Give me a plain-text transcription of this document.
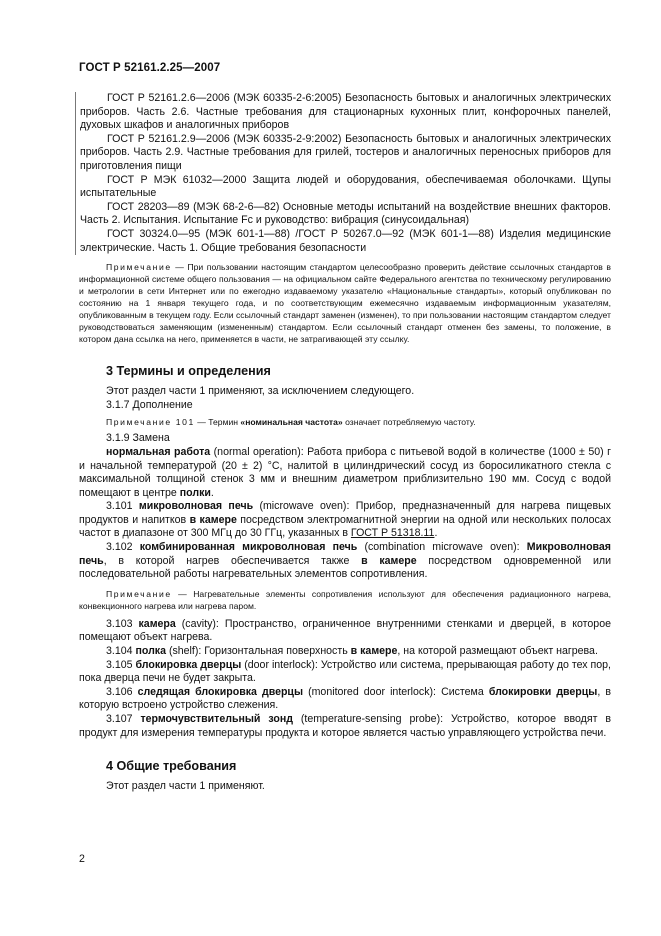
ГОСТ Р 52161.2.25—2007

ГОСТ Р 52161.2.6—2006 (МЭК 60335-2-6:2005) Безопасность бытовых и аналогичных электрических приборов. Часть 2.6. Частные требования для стационарных кухонных плит, конфорочных панелей, духовых шкафов и аналогичных приборов

ГОСТ Р 52161.2.9—2006 (МЭК 60335-2-9:2002) Безопасность бытовых и аналогичных электрических приборов. Часть 2.9. Частные требования для грилей, тостеров и аналогичных переносных приборов для приготовления пищи

ГОСТ Р МЭК 61032—2000 Защита людей и оборудования, обеспечиваемая оболочками. Щупы испытательные

ГОСТ 28203—89 (МЭК 68-2-6—82) Основные методы испытаний на воздействие внешних факторов. Часть 2. Испытания. Испытание Fc и руководство: вибрация (синусоидальная)

ГОСТ 30324.0—95 (МЭК 601-1—88) /ГОСТ Р 50267.0—92 (МЭК 601-1—88) Изделия медицинские электрические. Часть 1. Общие требования безопасности

Примечание — При пользовании настоящим стандартом целесообразно проверить действие ссылочных стандартов в информационной системе общего пользования — на официальном сайте Федерального агентства по техническому регулированию и метрологии в сети Интернет или по ежегодно издаваемому указателю «Национальные стандарты», который опубликован по состоянию на 1 января текущего года, и по соответствующим ежемесячно издаваемым информационным указателям, опубликованным в текущем году. Если ссылочный стандарт заменен (изменен), то при пользовании настоящим стандартом следует руководствоваться заменяющим (измененным) стандартом. Если ссылочный стандарт отменен без замены, то положение, в котором дана ссылка на него, применяется в части, не затрагивающей эту ссылку.

3 Термины и определения

Этот раздел части 1 применяют, за исключением следующего.

3.1.7 Дополнение

Примечание 101 — Термин «номинальная частота» означает потребляемую частоту.

3.1.9 Замена

нормальная работа (normal operation): Работа прибора с питьевой водой в количестве (1000 ± 50) г и начальной температурой (20 ± 2) °С, налитой в цилиндрический сосуд из боросиликатного стекла с максимальной толщиной стенок 3 мм и внешним диаметром приблизительно 190 мм. Сосуд с водой помещают в центре полки.

3.101 микроволновая печь (microwave oven): Прибор, предназначенный для нагрева пищевых продуктов и напитков в камере посредством электромагнитной энергии на одной или нескольких полосах частот в диапазоне от 300 МГц до 30 ГГц, указанных в ГОСТ Р 51318.11.

3.102 комбинированная микроволновая печь (combination microwave oven): Микроволновая печь, в которой нагрев обеспечивается также в камере посредством одновременной или последовательной работы нагревательных элементов сопротивления.

Примечание — Нагревательные элементы сопротивления используют для обеспечения радиационного нагрева, конвекционного нагрева или нагрева паром.

3.103 камера (cavity): Пространство, ограниченное внутренними стенками и дверцей, в которое помещают объект нагрева.

3.104 полка (shelf): Горизонтальная поверхность в камере, на которой размещают объект нагрева.

3.105 блокировка дверцы (door interlock): Устройство или система, прерывающая работу до тех пор, пока дверца печи не будет закрыта.

3.106 следящая блокировка дверцы (monitored door interlock): Система блокировки дверцы, в которую встроено устройство слежения.

3.107 термочувствительный зонд (temperature-sensing probe): Устройство, которое вводят в продукт для измерения температуры продукта и которое является частью управляющего устройства печи.

4 Общие требования

Этот раздел части 1 применяют.

2
